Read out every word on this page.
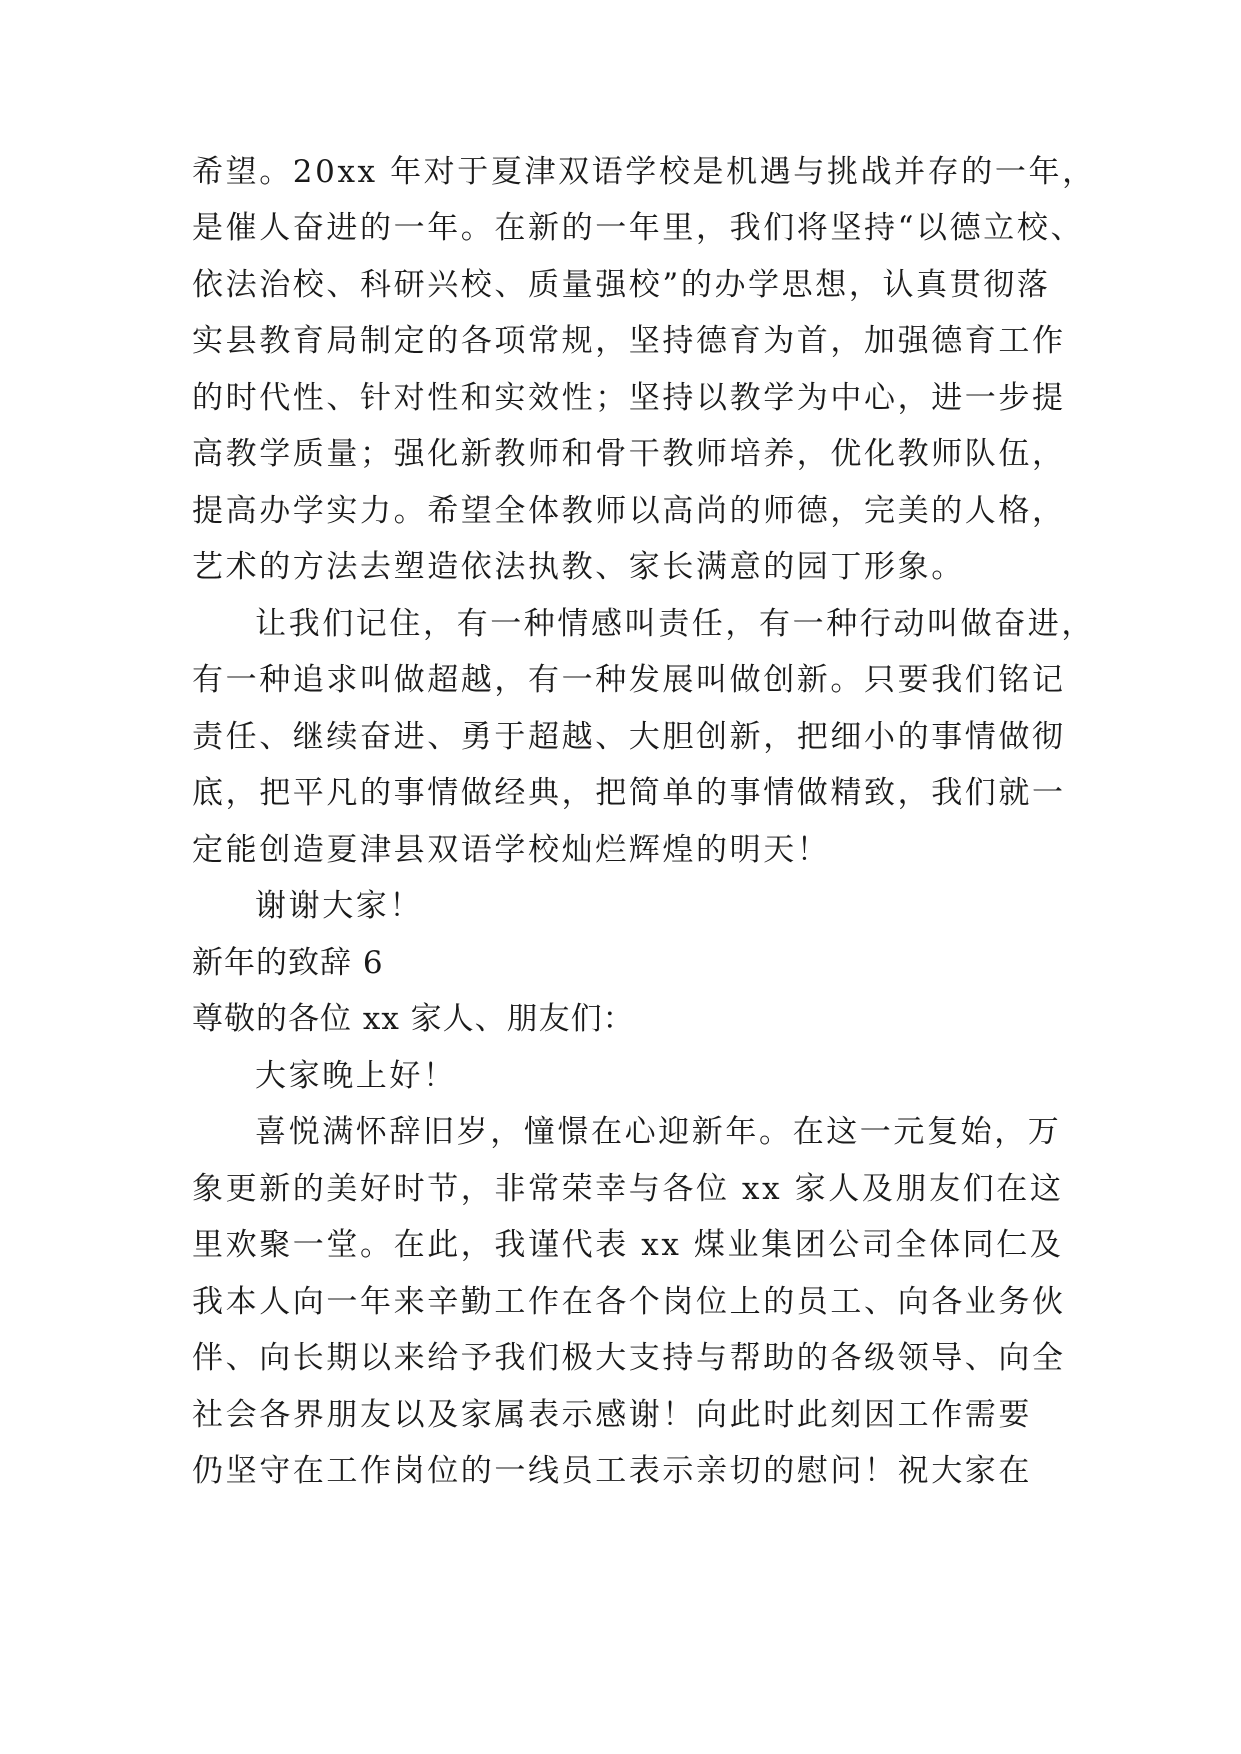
希望。20xx 年对于夏津双语学校是机遇与挑战并存的一年，
是催人奋进的一年。在新的一年里，我们将坚持“以德立校、
依法治校、科研兴校、质量强校”的办学思想，认真贯彻落
实县教育局制定的各项常规，坚持德育为首，加强德育工作
的时代性、针对性和实效性；坚持以教学为中心，进一步提
高教学质量；强化新教师和骨干教师培养，优化教师队伍，
提高办学实力。希望全体教师以高尚的师德，完美的人格，
艺术的方法去塑造依法执教、家长满意的园丁形象。
让我们记住，有一种情感叫责任，有一种行动叫做奋进，
有一种追求叫做超越，有一种发展叫做创新。只要我们铭记
责任、继续奋进、勇于超越、大胆创新，把细小的事情做彻
底，把平凡的事情做经典，把简单的事情做精致，我们就一
定能创造夏津县双语学校灿烂辉煌的明天！
谢谢大家！
新年的致辞 6
尊敬的各位 xx 家人、朋友们：
大家晚上好！
喜悦满怀辞旧岁，憧憬在心迎新年。在这一元复始，万
象更新的美好时节，非常荣幸与各位 xx 家人及朋友们在这
里欢聚一堂。在此，我谨代表 xx 煤业集团公司全体同仁及
我本人向一年来辛勤工作在各个岗位上的员工、向各业务伙
伴、向长期以来给予我们极大支持与帮助的各级领导、向全
社会各界朋友以及家属表示感谢！向此时此刻因工作需要
仍坚守在工作岗位的一线员工表示亲切的慰问！祝大家在
